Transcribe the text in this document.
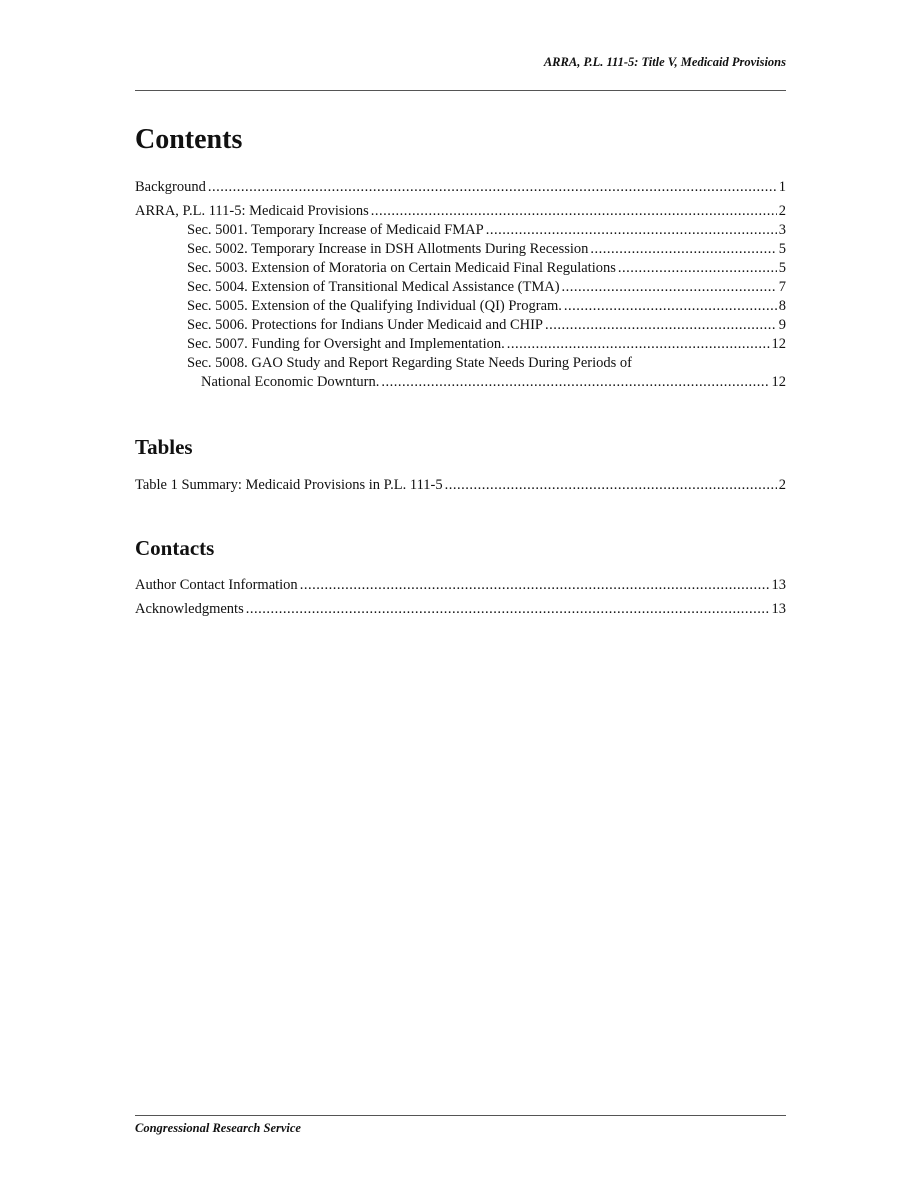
ARRA, P.L. 111-5: Title V, Medicaid Provisions
Contents
Background .....	1
ARRA, P.L. 111-5: Medicaid Provisions .....	2
Sec. 5001. Temporary Increase of Medicaid FMAP .....	3
Sec. 5002. Temporary Increase in DSH Allotments During Recession .....	5
Sec. 5003. Extension of Moratoria on Certain Medicaid Final Regulations .....	5
Sec. 5004. Extension of Transitional Medical Assistance (TMA) .....	7
Sec. 5005. Extension of the Qualifying Individual (QI) Program. .....	8
Sec. 5006. Protections for Indians Under Medicaid and CHIP .....	9
Sec. 5007. Funding for Oversight and Implementation. .....	12
Sec. 5008. GAO Study and Report Regarding State Needs During Periods of
National Economic Downturn. .....	12
Tables
Table 1 Summary: Medicaid Provisions in P.L. 111-5 .....	2
Contacts
Author Contact Information .....	13
Acknowledgments .....	13
Congressional Research Service
